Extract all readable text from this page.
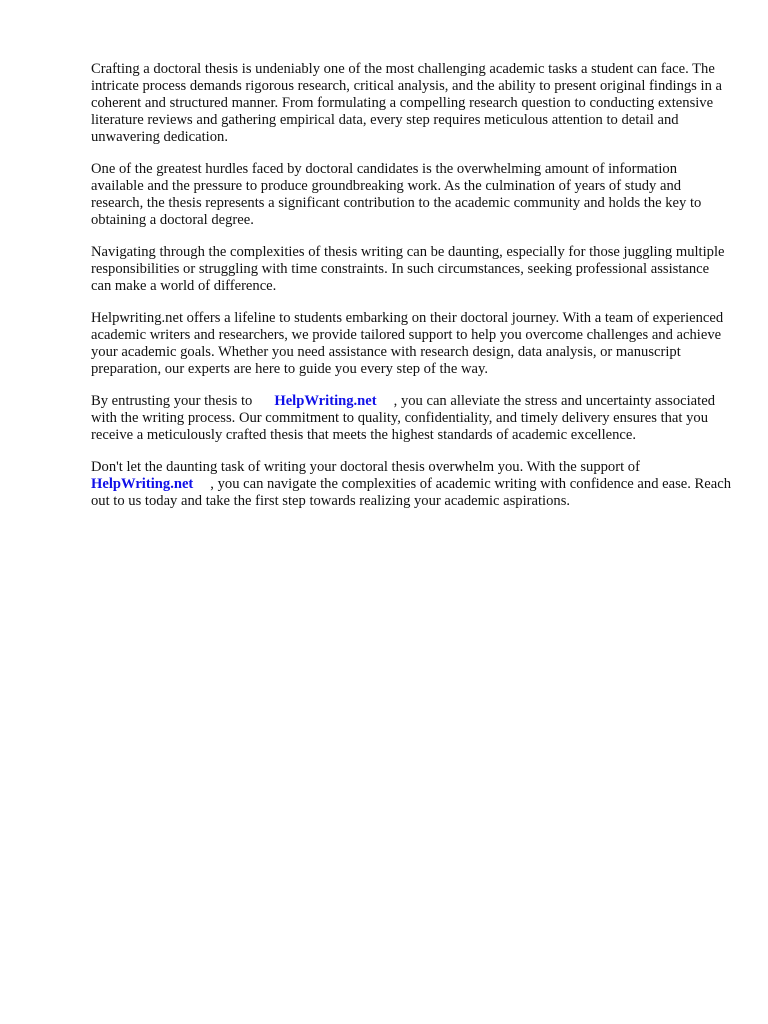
Crafting a doctoral thesis is undeniably one of the most challenging academic tasks a student can face. The intricate process demands rigorous research, critical analysis, and the ability to present original findings in a coherent and structured manner. From formulating a compelling research question to conducting extensive literature reviews and gathering empirical data, every step requires meticulous attention to detail and unwavering dedication.

One of the greatest hurdles faced by doctoral candidates is the overwhelming amount of information available and the pressure to produce groundbreaking work. As the culmination of years of study and research, the thesis represents a significant contribution to the academic community and holds the key to obtaining a doctoral degree.

Navigating through the complexities of thesis writing can be daunting, especially for those juggling multiple responsibilities or struggling with time constraints. In such circumstances, seeking professional assistance can make a world of difference.

Helpwriting.net offers a lifeline to students embarking on their doctoral journey. With a team of experienced academic writers and researchers, we provide tailored support to help you overcome challenges and achieve your academic goals. Whether you need assistance with research design, data analysis, or manuscript preparation, our experts are here to guide you every step of the way.

By entrusting your thesis to HelpWriting.net , you can alleviate the stress and uncertainty associated with the writing process. Our commitment to quality, confidentiality, and timely delivery ensures that you receive a meticulously crafted thesis that meets the highest standards of academic excellence.

Don't let the daunting task of writing your doctoral thesis overwhelm you. With the support of HelpWriting.net , you can navigate the complexities of academic writing with confidence and ease. Reach out to us today and take the first step towards realizing your academic aspirations.
